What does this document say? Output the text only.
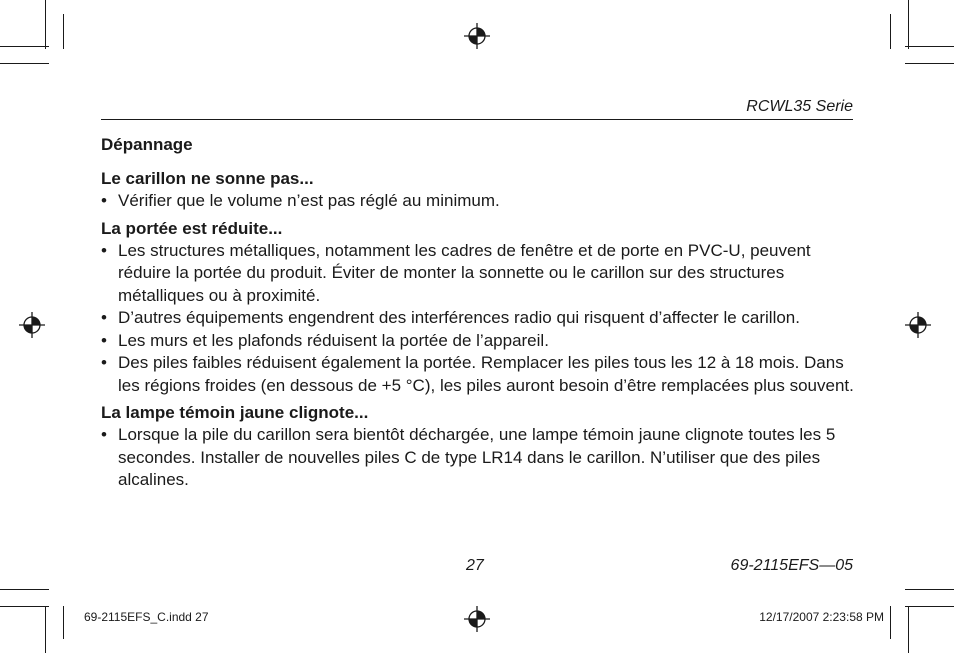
RCWL35 Serie
Dépannage
Le carillon ne sonne pas...
• Vérifier que le volume n’est pas réglé au minimum.
La portée est réduite...
• Les structures métalliques, notamment les cadres de fenêtre et de porte en PVC-U, peuvent réduire la portée du produit. Éviter de monter la sonnette ou le carillon sur des structures métalliques ou à proximité.
• D’autres équipements engendrent des interférences radio qui risquent d’affecter le carillon.
• Les murs et les plafonds réduisent la portée de l’appareil.
• Des piles faibles réduisent également la portée. Remplacer les piles tous les 12 à 18 mois. Dans les régions froides (en dessous de +5 °C), les piles auront besoin d’être remplacées plus souvent.
La lampe témoin jaune clignote...
• Lorsque la pile du carillon sera bientôt déchargée, une lampe témoin jaune clignote toutes les 5 secondes. Installer de nouvelles piles C de type LR14 dans le carillon. N’utiliser que des piles alcalines.
27	69-2115EFS—05
69-2115EFS_C.indd 27	12/17/2007 2:23:58 PM
